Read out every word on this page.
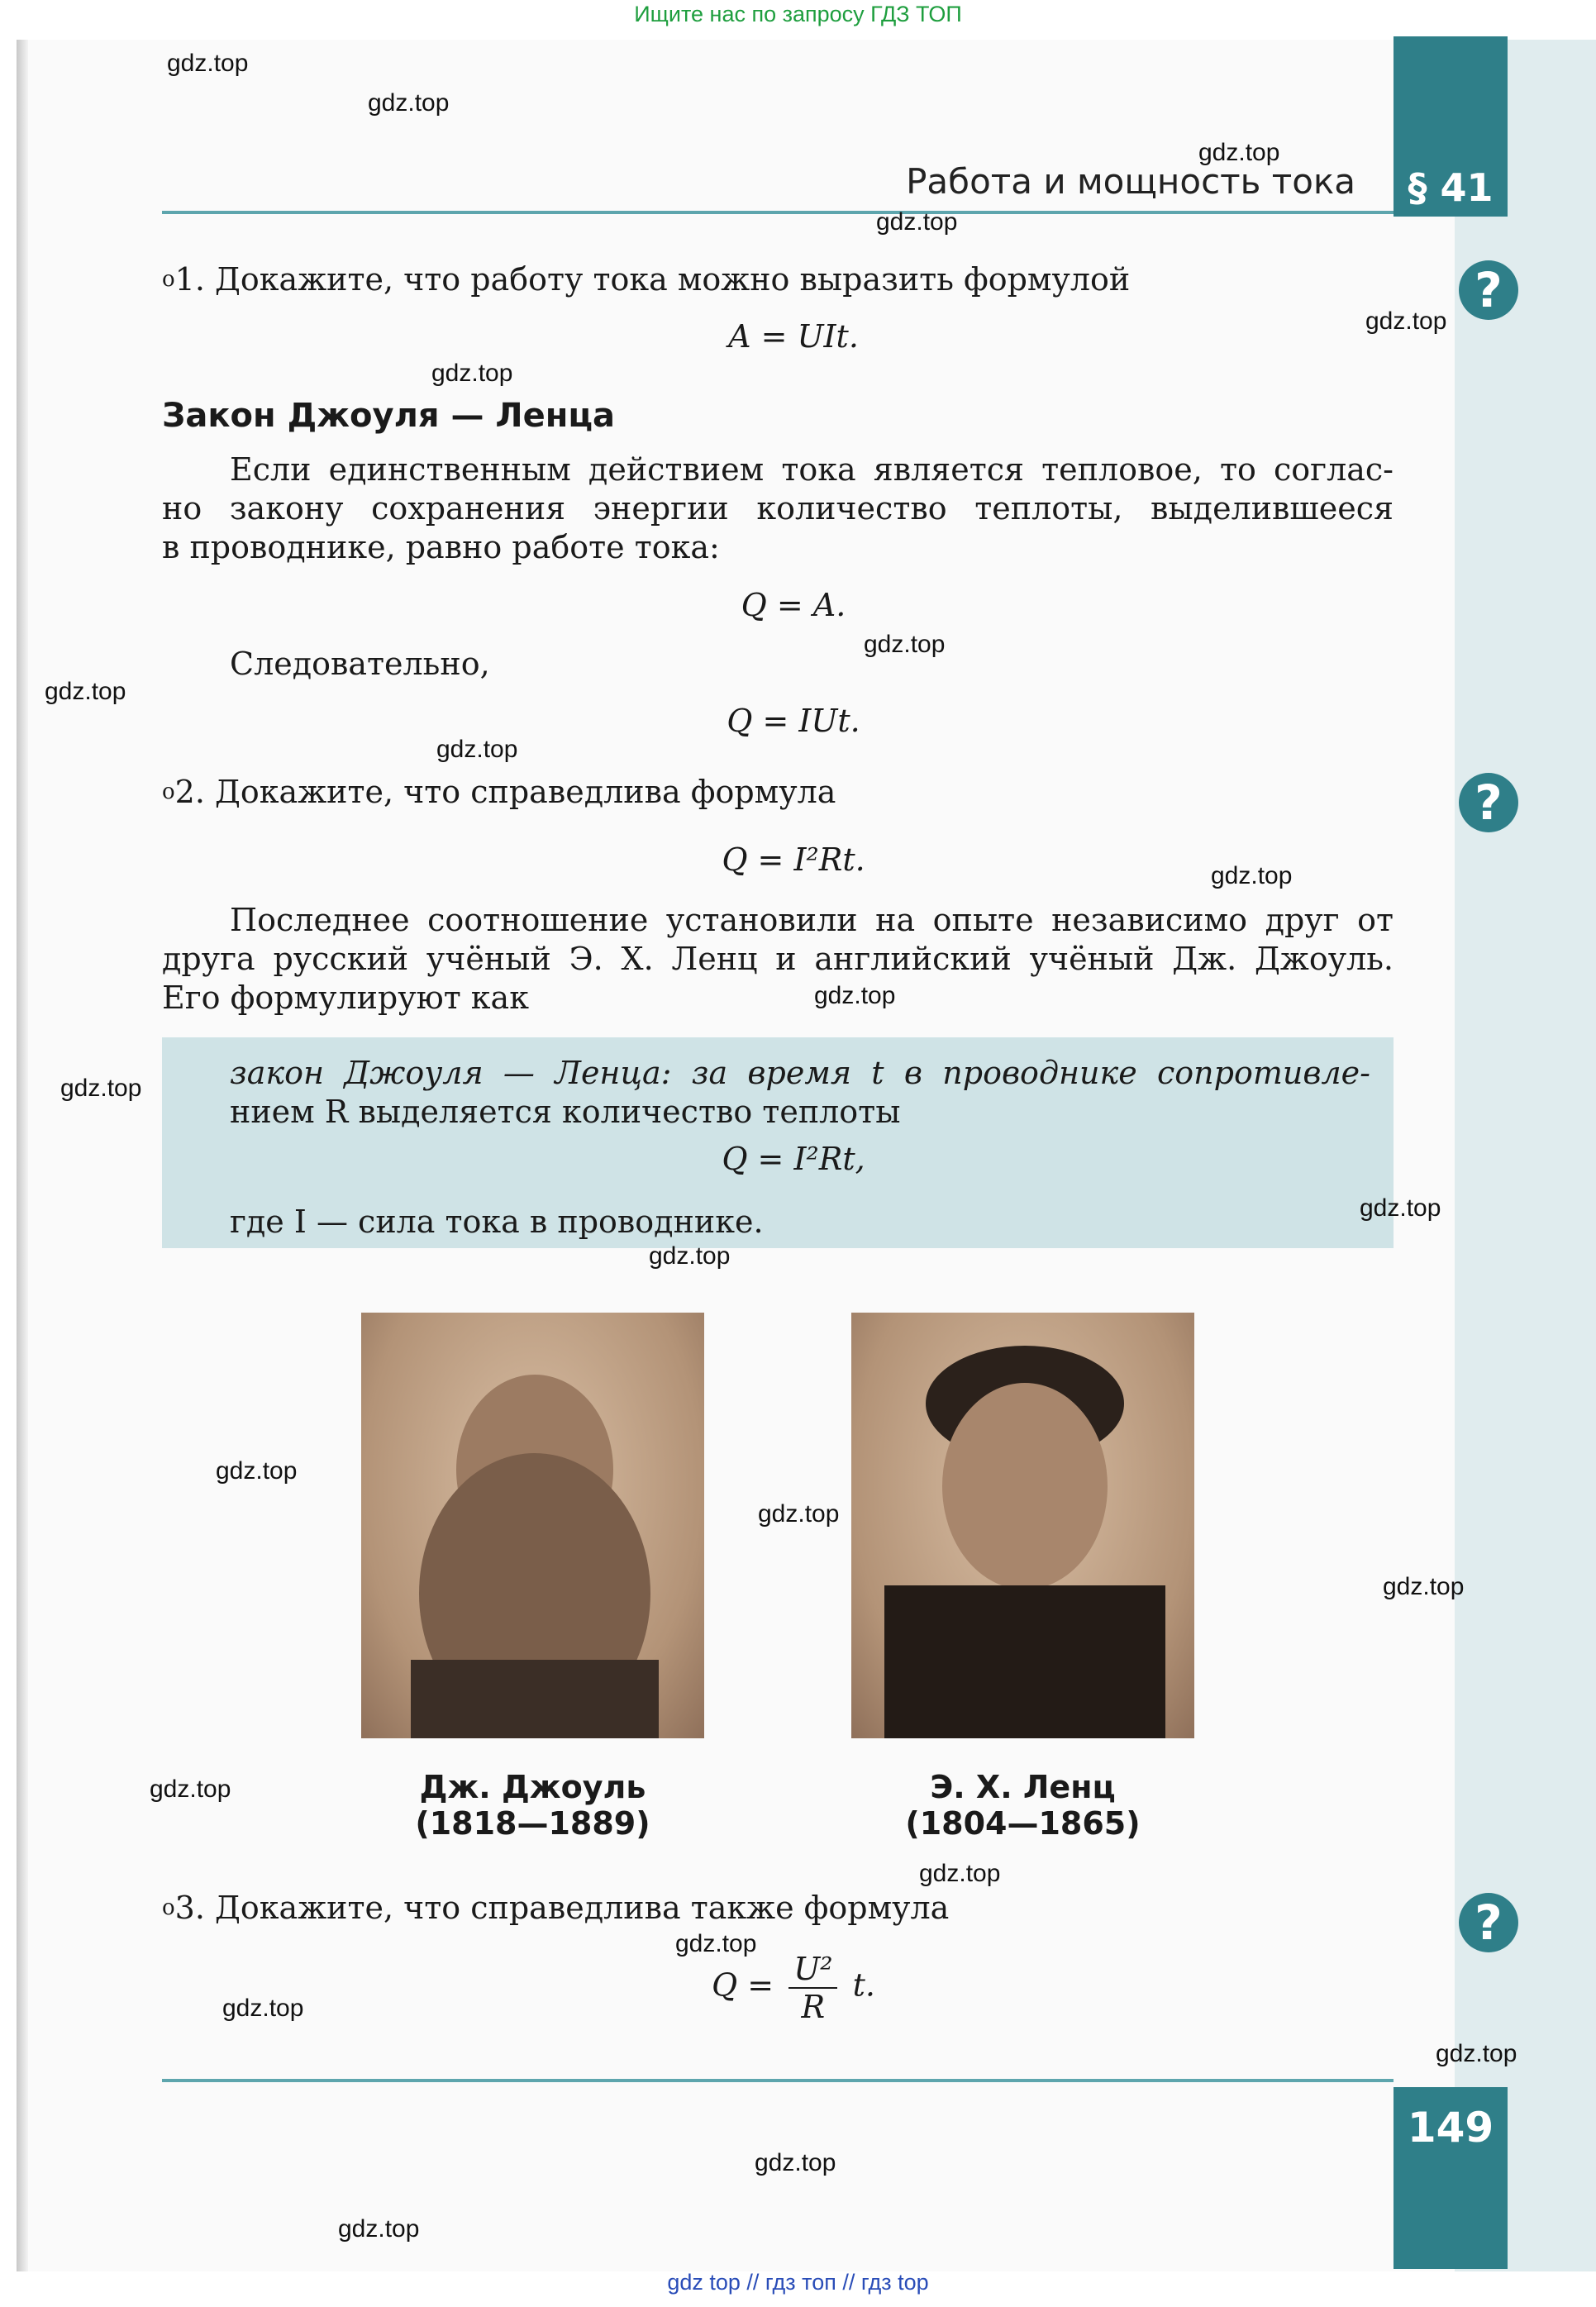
Ищите нас по запросу ГДЗ ТОП
§ 41
Работа и мощность тока
?
?
?
$^o$1. Докажите, что работу тока можно выразить формулой
A = UIt.
Закон Джоуля — Ленца
Если единственным действием тока является тепловое, то соглас-
но закону сохранения энергии количество теплоты, выделившееся
в проводнике, равно работе тока:
Q = A.
Следовательно,
Q = IUt.
$^o$2. Докажите, что справедлива формула
Q = I²Rt.
Последнее соотношение установили на опыте независимо друг от
друга русский учёный Э. Х. Ленц и английский учёный Дж. Джоуль.
Его формулируют как
закон Джоуля — Ленца: за время t в проводнике сопротивле-
нием R выделяется количество теплоты
Q = I²Rt,
где I — сила тока в проводнике.
Дж. Джоуль
(1818—1889)
Э. Х. Ленц
(1804—1865)
$^o$3. Докажите, что справедлива также формула
$Q = \frac{\text{U²}}{R} t$.
149
gdz.top
gdz.top
gdz.top
gdz.top
gdz.top
gdz.top
gdz.top
gdz.top
gdz.top
gdz.top
gdz.top
gdz.top
gdz.top
gdz.top
gdz.top
gdz.top
gdz.top
gdz.top
gdz.top
gdz.top
gdz.top
gdz.top
gdz.top
gdz.top
gdz top // гдз топ // гдз top
